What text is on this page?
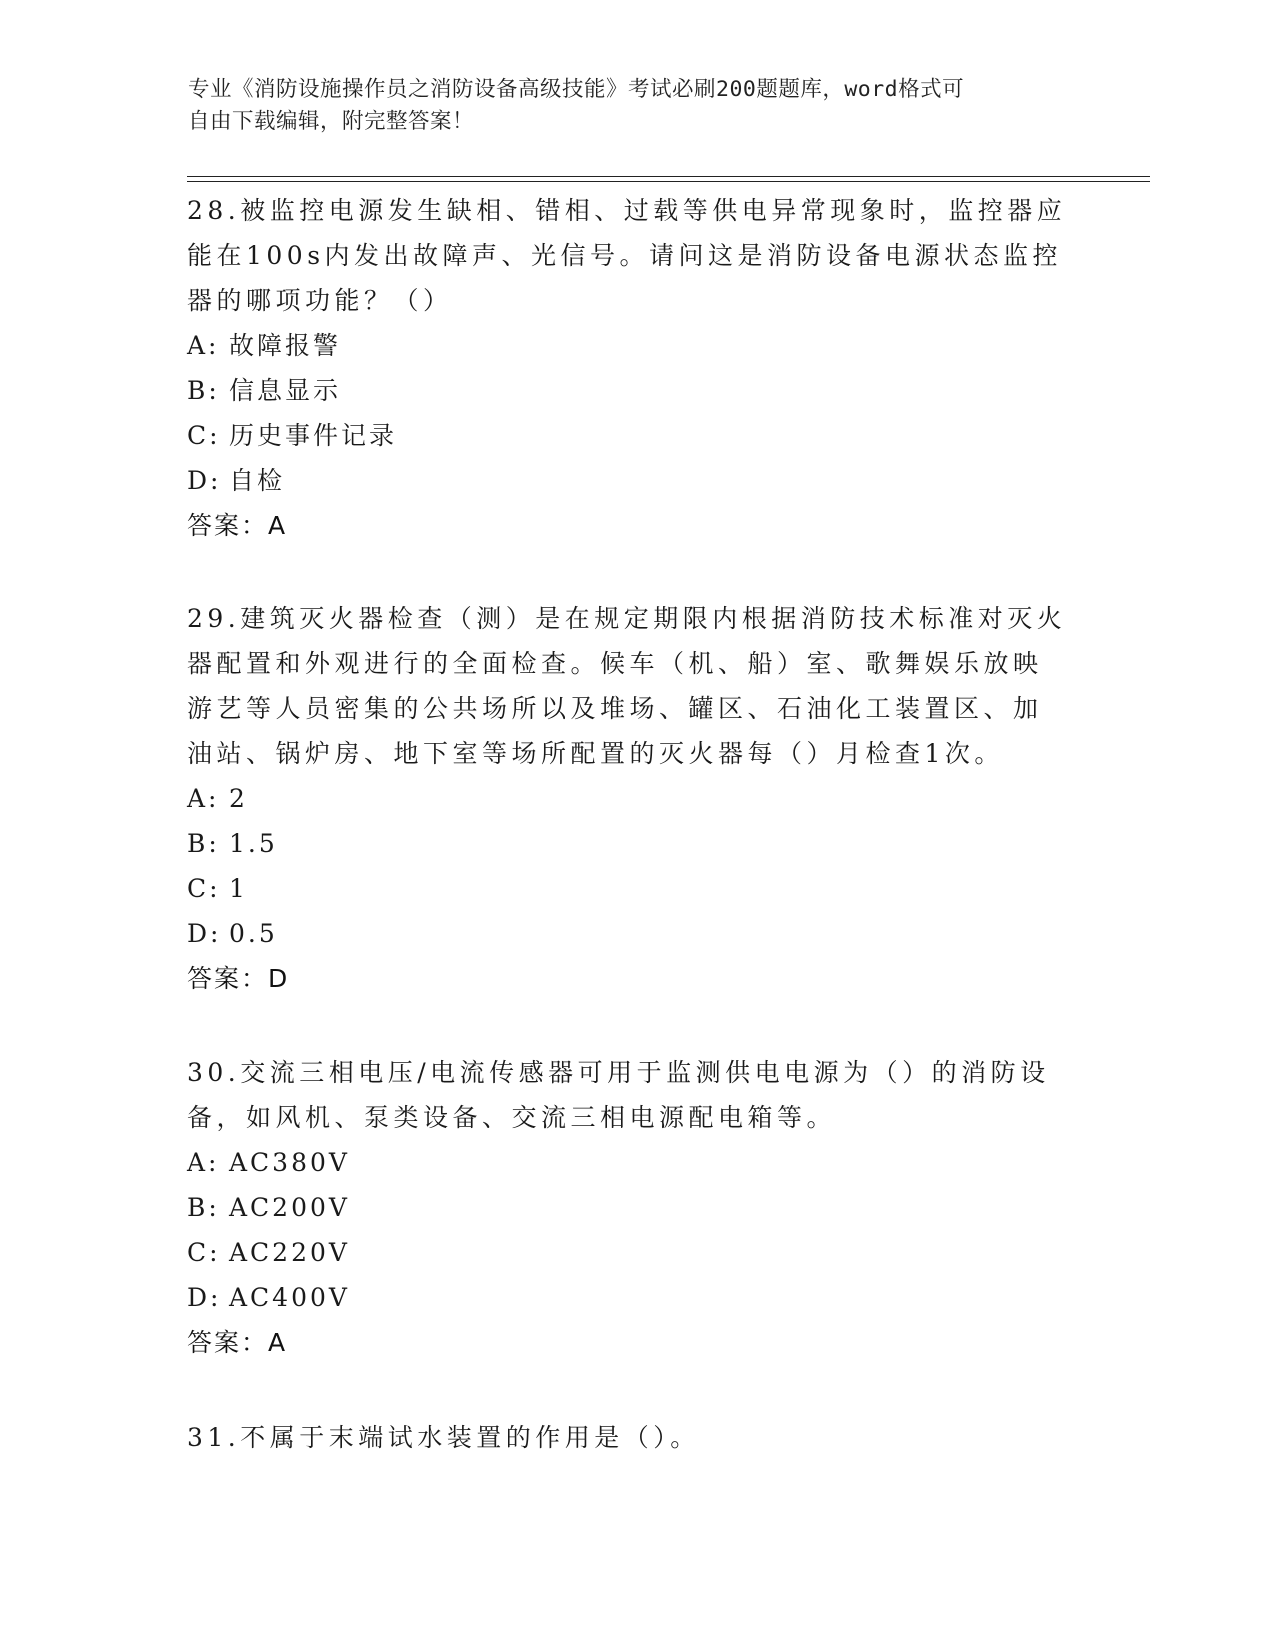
专业《消防设施操作员之消防设备高级技能》考试必刷200题题库，word格式可
自由下载编辑，附完整答案！
28.被监控电源发生缺相、错相、过载等供电异常现象时，监控器应能在100s内发出故障声、光信号。请问这是消防设备电源状态监控器的哪项功能？（）
A: 故障报警
B: 信息显示
C: 历史事件记录
D: 自检
答案：A
29.建筑灭火器检查（测）是在规定期限内根据消防技术标准对灭火器配置和外观进行的全面检查。候车（机、船）室、歌舞娱乐放映游艺等人员密集的公共场所以及堆场、罐区、石油化工装置区、加油站、锅炉房、地下室等场所配置的灭火器每（）月检查1次。
A: 2
B: 1.5
C: 1
D: 0.5
答案：D
30.交流三相电压/电流传感器可用于监测供电电源为（）的消防设备，如风机、泵类设备、交流三相电源配电箱等。
A: AC380V
B: AC200V
C: AC220V
D: AC400V
答案：A
31.不属于末端试水装置的作用是（）。
